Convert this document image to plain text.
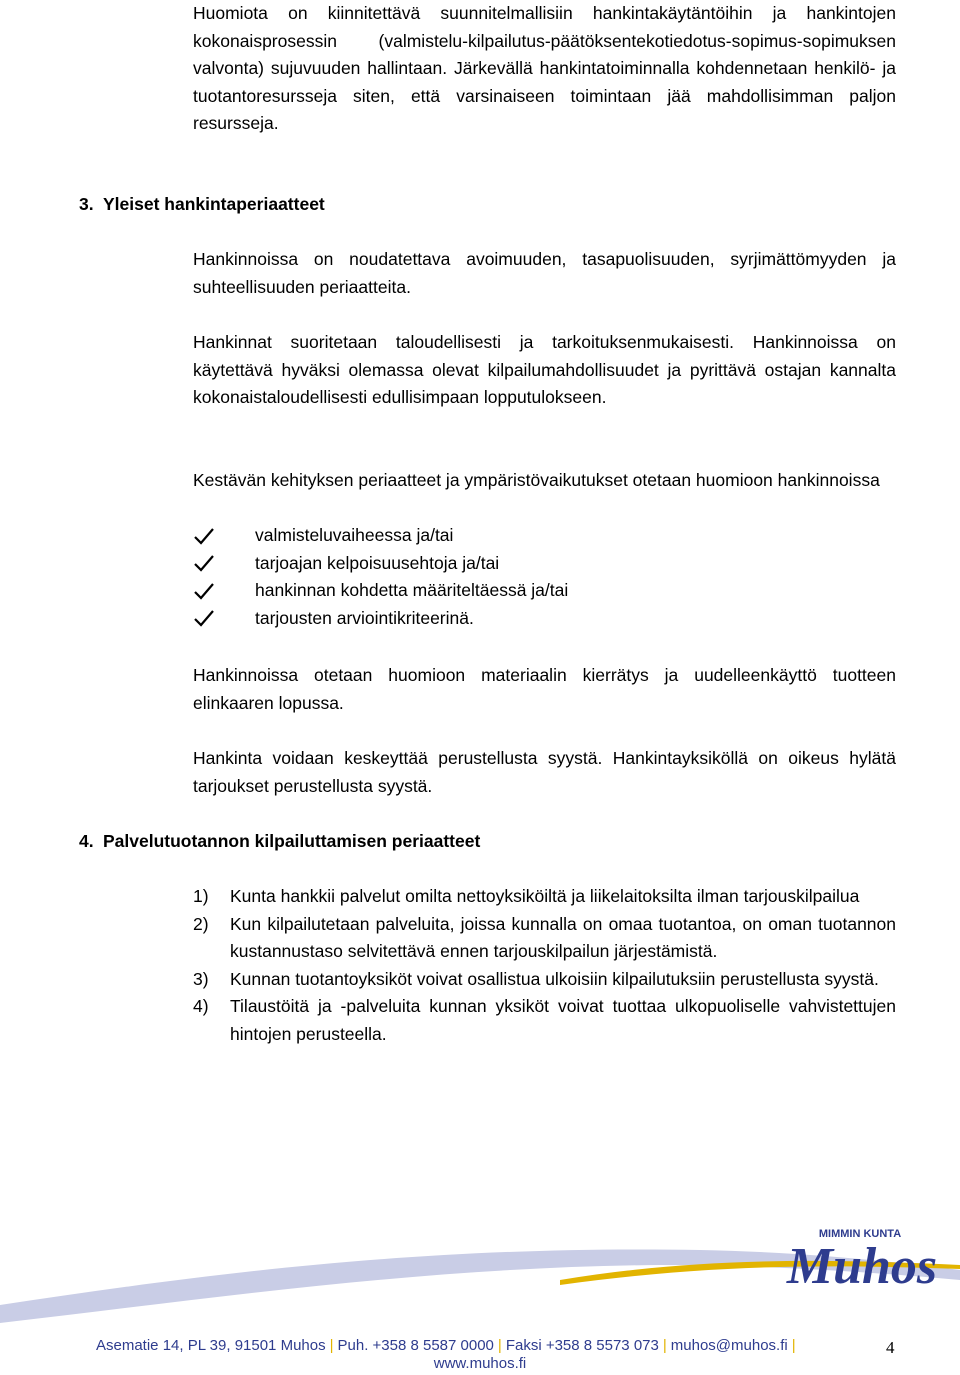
Huomiota on kiinnitettävä suunnitelmallisiin hankintakäytäntöihin ja hankintojen kokonaisprosessin (valmistelu-kilpailutus-päätöksentekotiedotus-sopimus-sopimuksen valvonta) sujuvuuden hallintaan. Järkevällä hankintatoiminnalla kohdennetaan henkilö- ja tuotantoresursseja siten, että varsinaiseen toimintaan jää mahdollisimman paljon resursseja.

3. Yleiset hankintaperiaatteet

Hankinnoissa on noudatettava avoimuuden, tasapuolisuuden, syrjimättömyyden ja suhteellisuuden periaatteita.

Hankinnat suoritetaan taloudellisesti ja tarkoituksenmukaisesti. Hankinnoissa on käytettävä hyväksi olemassa olevat kilpailumahdollisuudet ja pyrittävä ostajan kannalta kokonaistaloudellisesti edullisimpaan lopputulokseen.

Kestävän kehityksen periaatteet ja ympäristövaikutukset otetaan huomioon hankinnoissa

valmisteluvaiheessa ja/tai
tarjoajan kelpoisuusehtoja ja/tai
hankinnan kohdetta määriteltäessä ja/tai
tarjousten arviointikriteerinä.

Hankinnoissa otetaan huomioon materiaalin kierrätys ja uudelleenkäyttö tuotteen elinkaaren lopussa.

Hankinta voidaan keskeyttää perustellusta syystä. Hankintayksiköllä on oikeus hylätä tarjoukset perustellusta syystä.

4. Palvelutuotannon kilpailuttamisen periaatteet
1)	Kunta hankkii palvelut omilta nettoyksiköiltä ja liikelaitoksilta ilman tarjouskilpailua
2)	Kun kilpailutetaan palveluita, joissa kunnalla on omaa tuotantoa, on oman tuotannon kustannustaso selvitettävä ennen tarjouskilpailun järjestämistä.
3)	Kunnan tuotantoyksiköt voivat osallistua ulkoisiin kilpailutuksiin perustellusta syystä.
4)	Tilaustöitä ja -palveluita kunnan yksiköt voivat tuottaa ulkopuoliselle vahvistettujen hintojen perusteella.
MIMMIN KUNTA
Muhos
Asematie 14, PL 39, 91501 Muhos | Puh. +358 8 5587 0000 | Faksi +358 8 5573 073 | muhos@muhos.fi |
www.muhos.fi
4
